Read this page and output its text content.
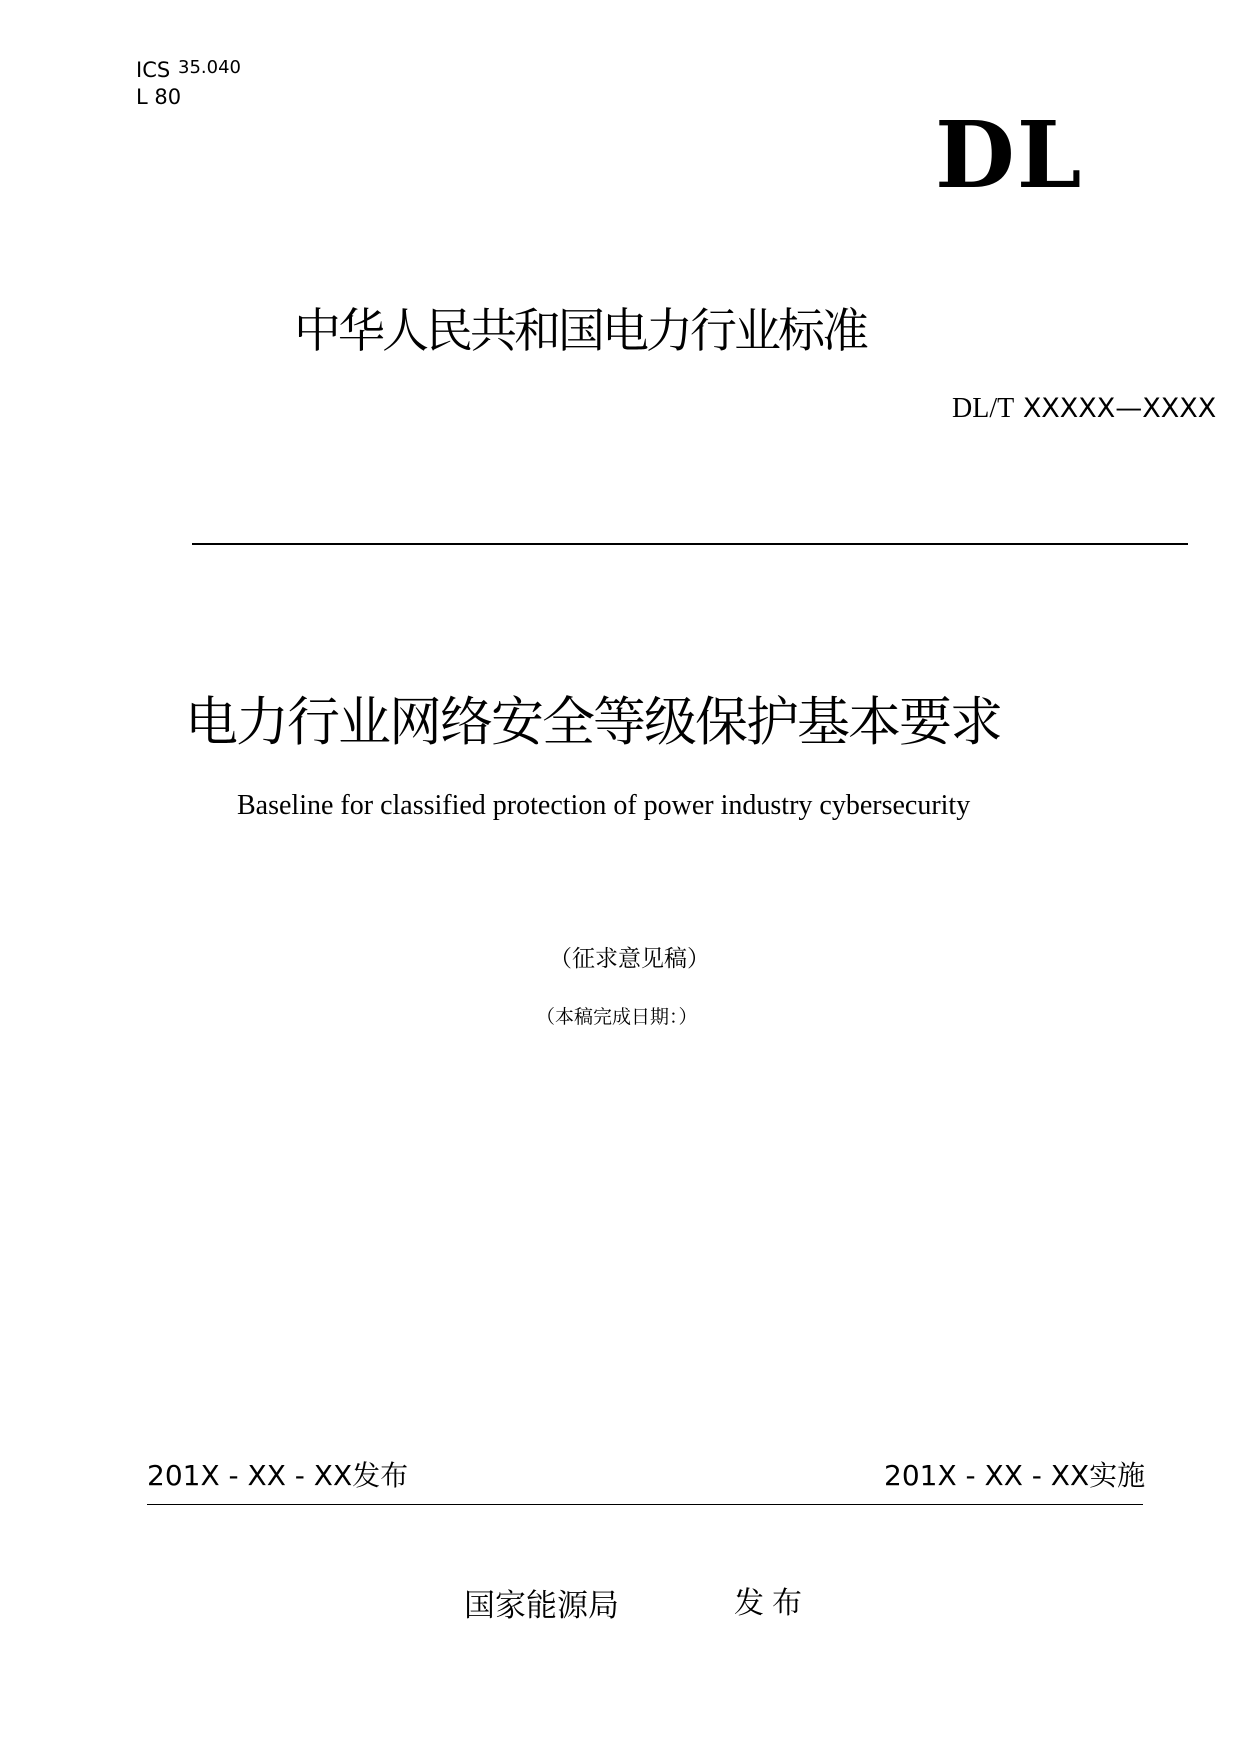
ICS 35.040
L 80
DL
中华人民共和国电力行业标准
DL/T XXXXX—XXXX
电力行业网络安全等级保护基本要求
Baseline for classified protection of power industry cybersecurity
（征求意见稿）
（本稿完成日期：）
201X - XX - XX发布	201X - XX - XX实施
国家能源局	发布
